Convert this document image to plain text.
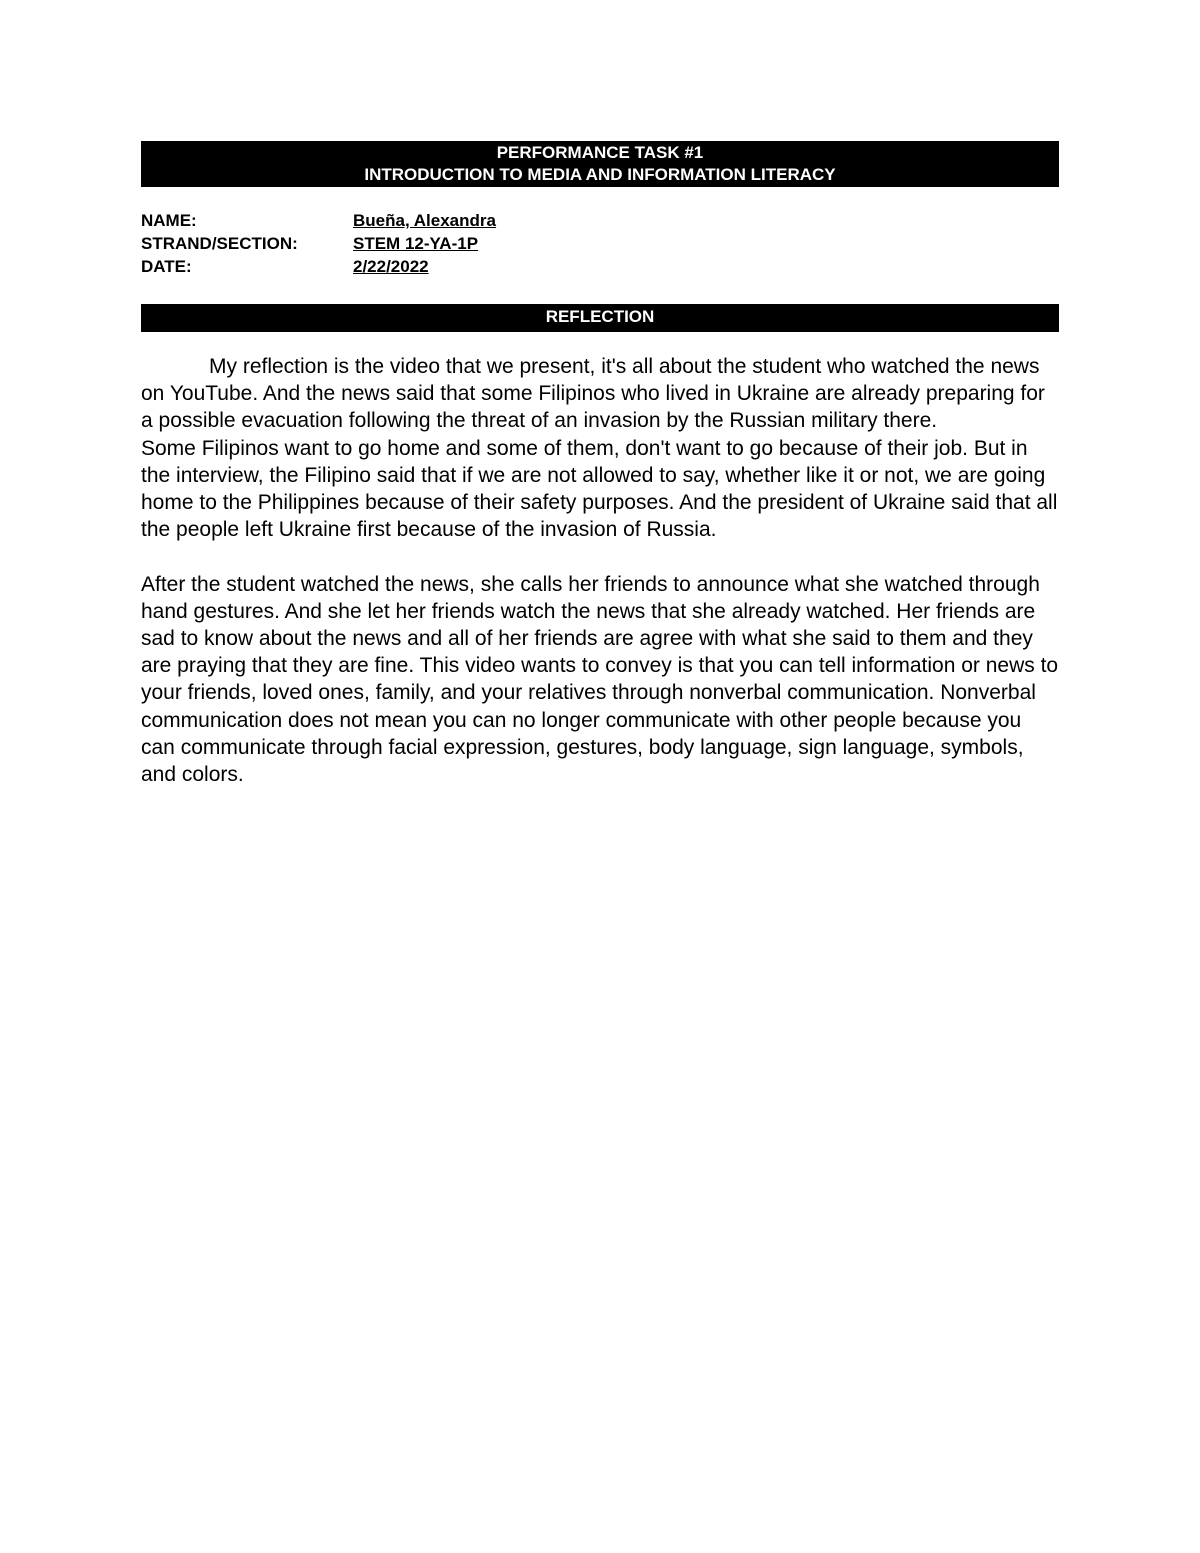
PERFORMANCE TASK #1
INTRODUCTION TO MEDIA AND INFORMATION LITERACY
NAME:	Bueña, Alexandra
STRAND/SECTION:	STEM 12-YA-1P
DATE:	2/22/2022
REFLECTION

My reflection is the video that we present, it's all about the student who watched the news on YouTube. And the news said that some Filipinos who lived in Ukraine are already preparing for a possible evacuation following the threat of an invasion by the Russian military there.

Some Filipinos want to go home and some of them, don't want to go because of their job. But in the interview, the Filipino said that if we are not allowed to say, whether like it or not, we are going home to the Philippines because of their safety purposes. And the president of Ukraine said that all the people left Ukraine first because of the invasion of Russia.

After the student watched the news, she calls her friends to announce what she watched through hand gestures. And she let her friends watch the news that she already watched. Her friends are sad to know about the news and all of her friends are agree with what she said to them and they are praying that they are fine. This video wants to convey is that you can tell information or news to your friends, loved ones, family, and your relatives through nonverbal communication. Nonverbal communication does not mean you can no longer communicate with other people because you can communicate through facial expression, gestures, body language, sign language, symbols, and colors.
